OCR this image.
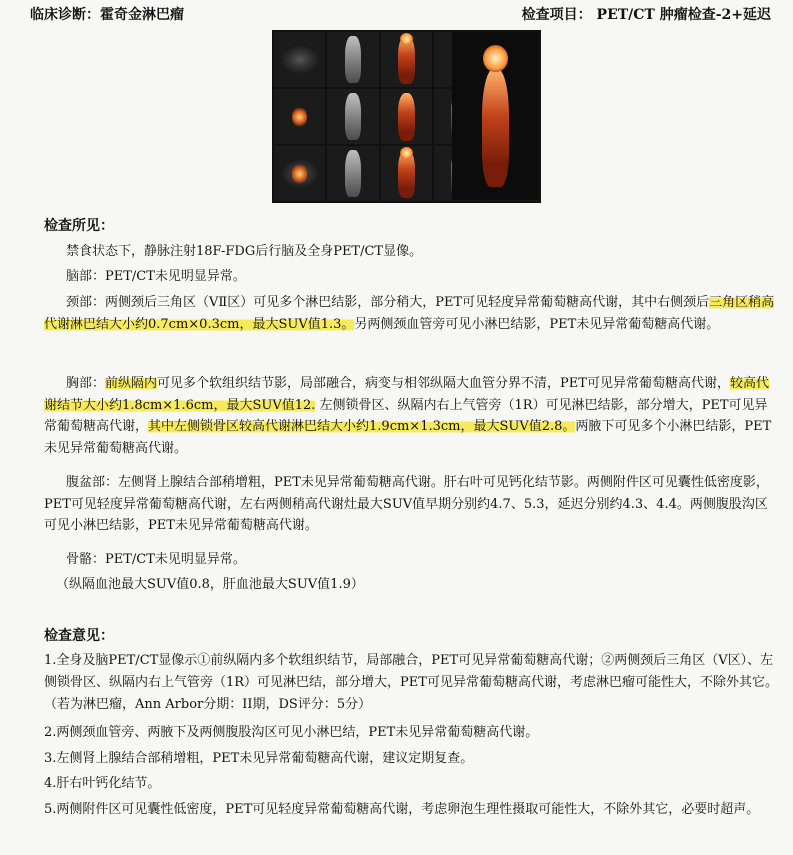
临床诊断：霍奇金淋巴瘤	检查项目： PET/CT 肿瘤检查-2+延迟
检查所见：
禁食状态下，静脉注射18F-FDG后行脑及全身PET/CT显像。
脑部：PET/CT未见明显异常。
颈部：两侧颈后三角区（VⅡ区）可见多个淋巴结影，部分稍大，PET可见轻度异常葡萄糖高代谢，其中右侧颈后三角区稍高代谢淋巴结大小约0.7cm×0.3cm，最大SUV值1.3。另两侧颈血管旁可见小淋巴结影，PET未见异常葡萄糖高代谢。
胸部：前纵隔内可见多个软组织结节影，局部融合，病变与相邻纵隔大血管分界不清，PET可见异常葡萄糖高代谢，较高代谢结节大小约1.8cm×1.6cm，最大SUV值12. 左侧锁骨区、纵隔内右上气管旁（1R）可见淋巴结影，部分增大，PET可见异常葡萄糖高代谢，其中左侧锁骨区较高代谢淋巴结大小约1.9cm×1.3cm，最大SUV值2.8。两腋下可见多个小淋巴结影，PET未见异常葡萄糖高代谢。
腹盆部：左侧肾上腺结合部稍增粗，PET未见异常葡萄糖高代谢。肝右叶可见钙化结节影。两侧附件区可见囊性低密度影，PET可见轻度异常葡萄糖高代谢，左右两侧稍高代谢灶最大SUV值早期分别约4.7、5.3，延迟分别约4.3、4.4。两侧腹股沟区可见小淋巴结影，PET未见异常葡萄糖高代谢。
骨骼：PET/CT未见明显异常。
（纵隔血池最大SUV值0.8，肝血池最大SUV值1.9）
检查意见：
1.全身及脑PET/CT显像示①前纵隔内多个软组织结节，局部融合，PET可见异常葡萄糖高代谢；②两侧颈后三角区（V区）、左侧锁骨区、纵隔内右上气管旁（1R）可见淋巴结，部分增大，PET可见异常葡萄糖高代谢，考虑淋巴瘤可能性大，不除外其它。（若为淋巴瘤，Ann Arbor分期：II期，DS评分：5分）
2.两侧颈血管旁、两腋下及两侧腹股沟区可见小淋巴结，PET未见异常葡萄糖高代谢。
3.左侧肾上腺结合部稍增粗，PET未见异常葡萄糖高代谢，建议定期复查。
4.肝右叶钙化结节。
5.两侧附件区可见囊性低密度，PET可见轻度异常葡萄糖高代谢，考虑卵泡生理性摄取可能性大，不除外其它，必要时超声。
